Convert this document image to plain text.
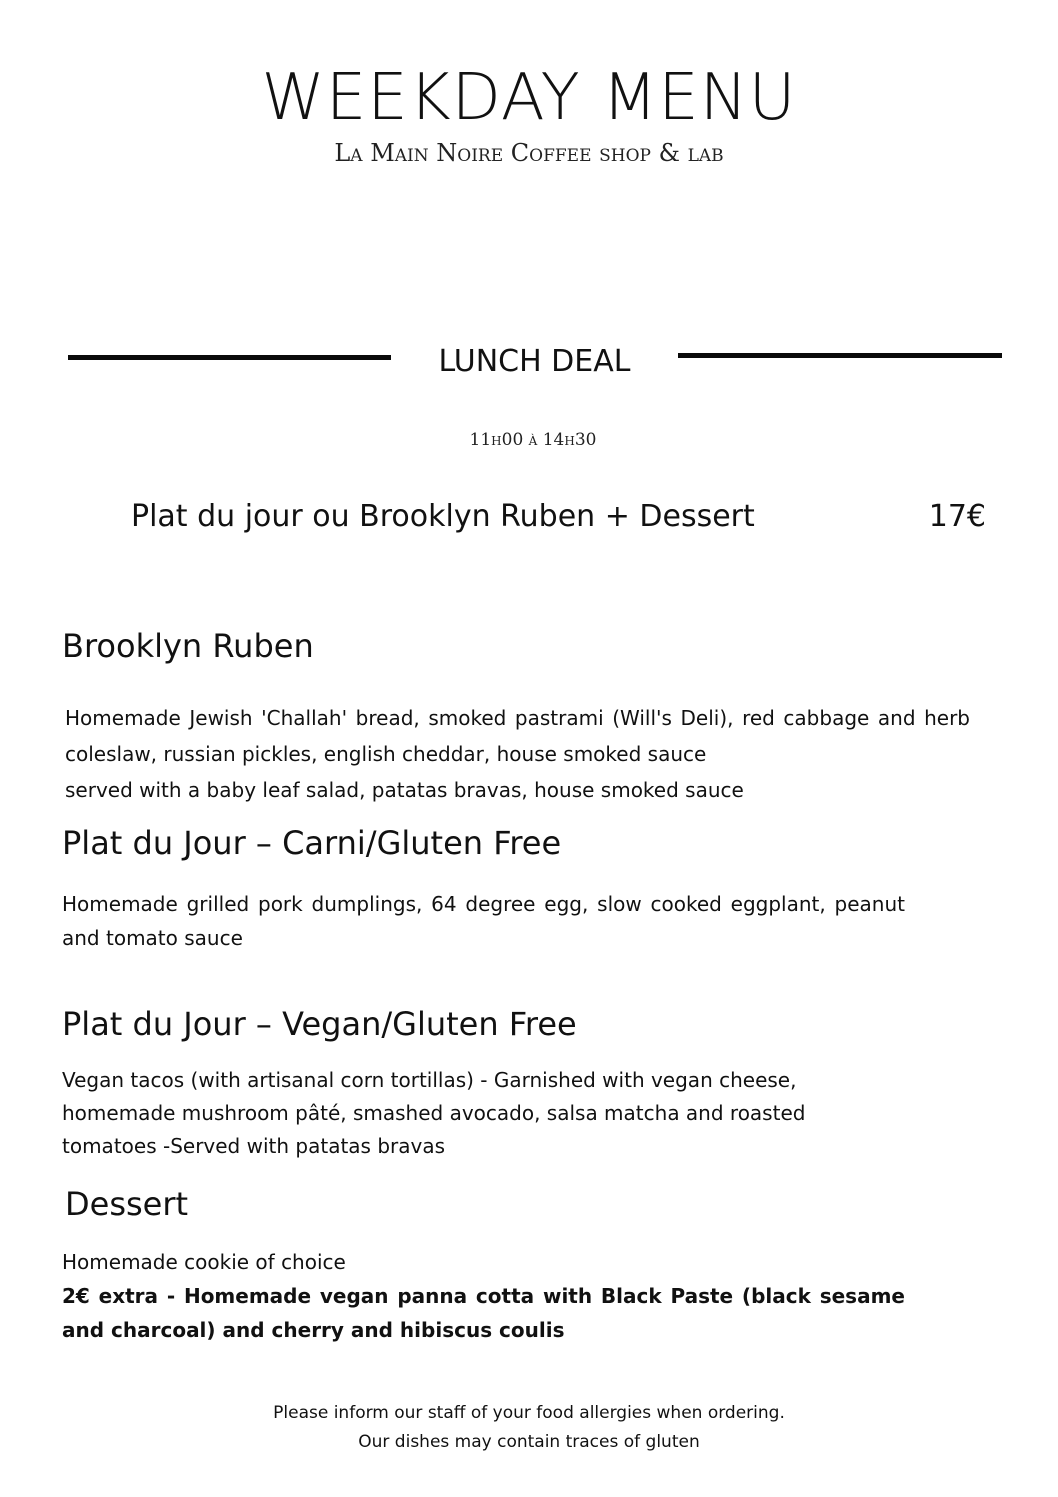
WEEKDAY MENU
La Main Noire Coffee shop & lab
LUNCH DEAL
11h00 à 14h30
Plat du jour ou Brooklyn Ruben + Dessert	17€
Brooklyn Ruben

Homemade Jewish 'Challah' bread, smoked pastrami (Will's Deli), red cabbage and herb coleslaw, russian pickles, english cheddar, house smoked sauce

served with a baby leaf salad, patatas bravas, house smoked sauce

Plat du Jour – Carni/Gluten Free

Homemade grilled pork dumplings, 64 degree egg, slow cooked eggplant, peanut and tomato sauce

Plat du Jour – Vegan/Gluten Free

Vegan tacos (with artisanal corn tortillas) - Garnished with vegan cheese, homemade mushroom pâté, smashed avocado, salsa matcha and roasted tomatoes -Served with patatas bravas

Dessert

Homemade cookie of choice

2€ extra - Homemade vegan panna cotta with Black Paste (black sesame and charcoal) and cherry and hibiscus coulis

Please inform our staff of your food allergies when ordering.
Our dishes may contain traces of gluten
